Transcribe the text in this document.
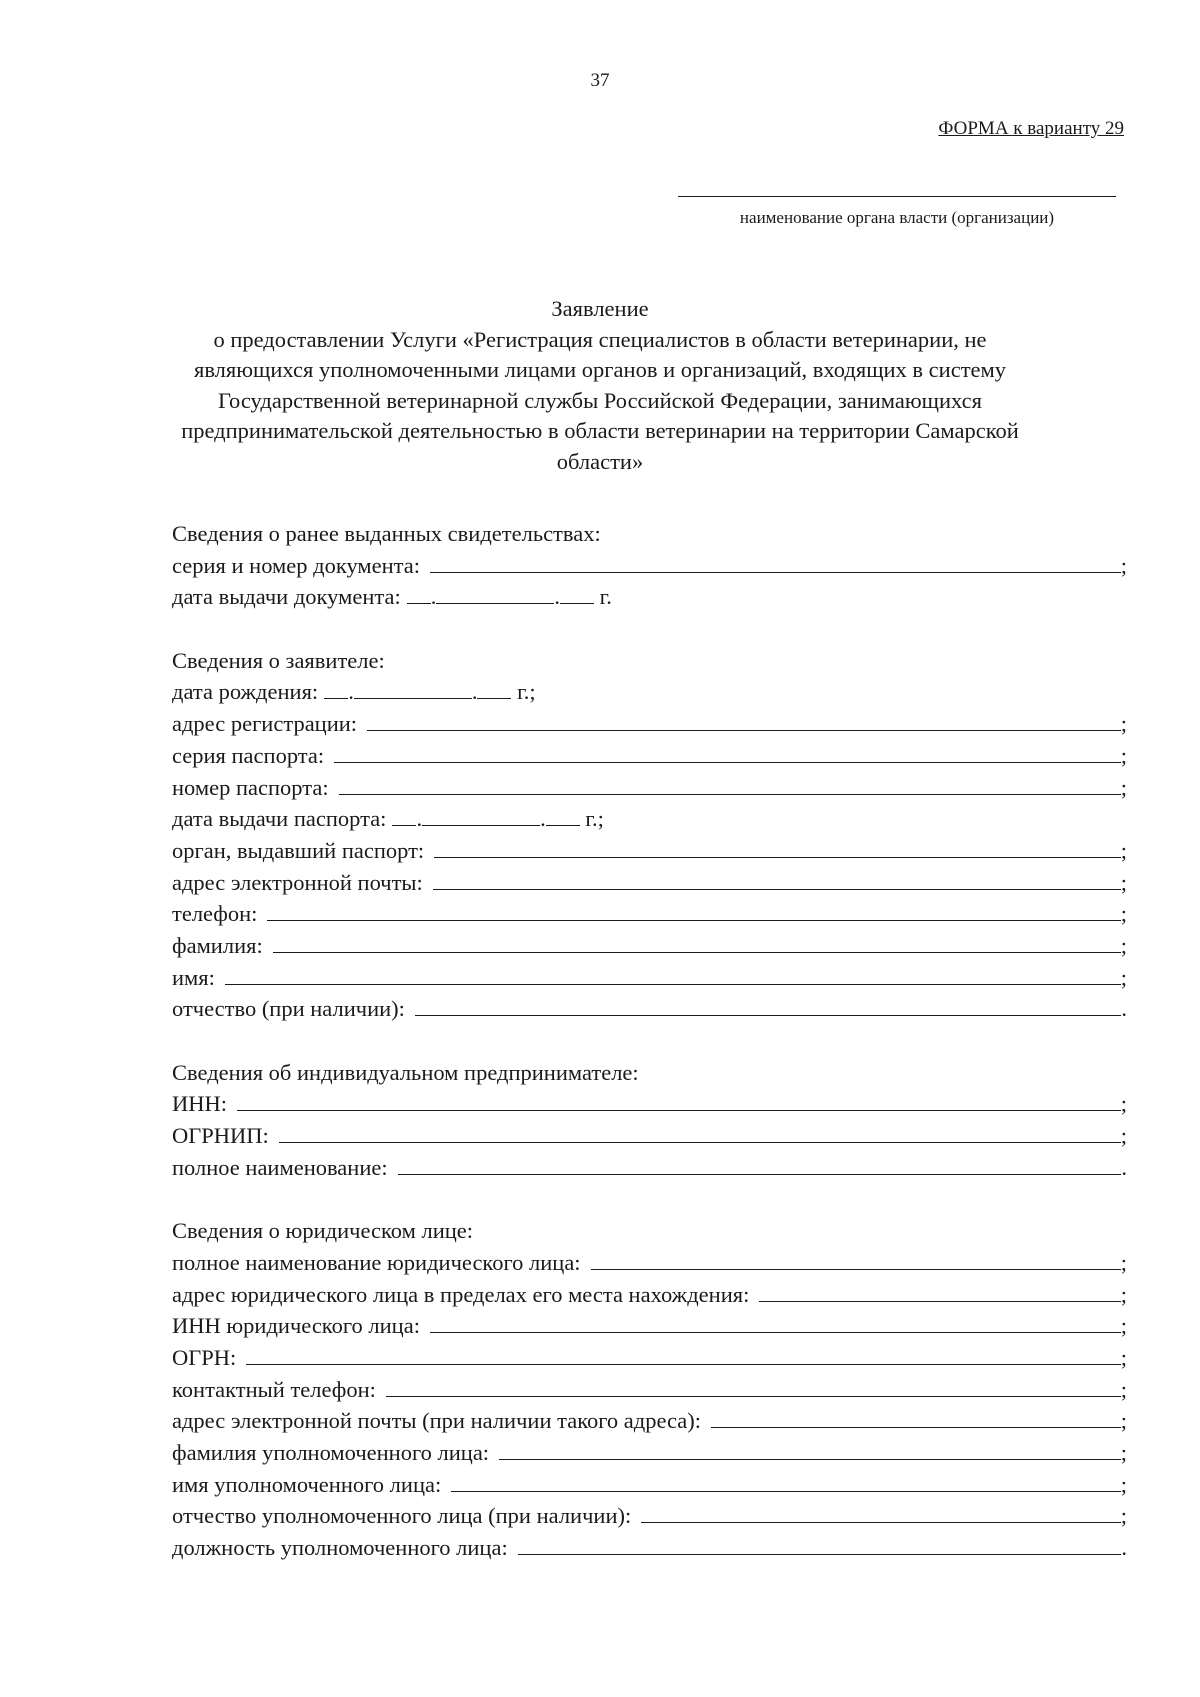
37
ФОРМА к варианту 29
наименование органа власти (организации)
Заявление
о предоставлении Услуги «Регистрация специалистов в области ветеринарии, не
являющихся уполномоченными лицами органов и организаций, входящих в систему
Государственной ветеринарной службы Российской Федерации, занимающихся
предпринимательской деятельностью в области ветеринарии на территории Самарской
области»
Сведения о ранее выданных свидетельствах:
серия и номер документа:	;
дата выдачи документа: .	. г.
Сведения о заявителе:
дата рождения: .	. г.;
адрес регистрации:	;
серия паспорта:	;
номер паспорта:	;
дата выдачи паспорта: .	. г.;
орган, выдавший паспорт:	;
адрес электронной почты:	;
телефон:	;
фамилия:	;
имя:	;
отчество (при наличии):	.
Сведения об индивидуальном предпринимателе:
ИНН:	;
ОГРНИП:	;
полное наименование:	.
Сведения о юридическом лице:
полное наименование юридического лица:	;
адрес юридического лица в пределах его места нахождения:	;
ИНН юридического лица:	;
ОГРН:	;
контактный телефон:	;
адрес электронной почты (при наличии такого адреса):	;
фамилия уполномоченного лица:	;
имя уполномоченного лица:	;
отчество уполномоченного лица (при наличии):	;
должность уполномоченного лица:	.
